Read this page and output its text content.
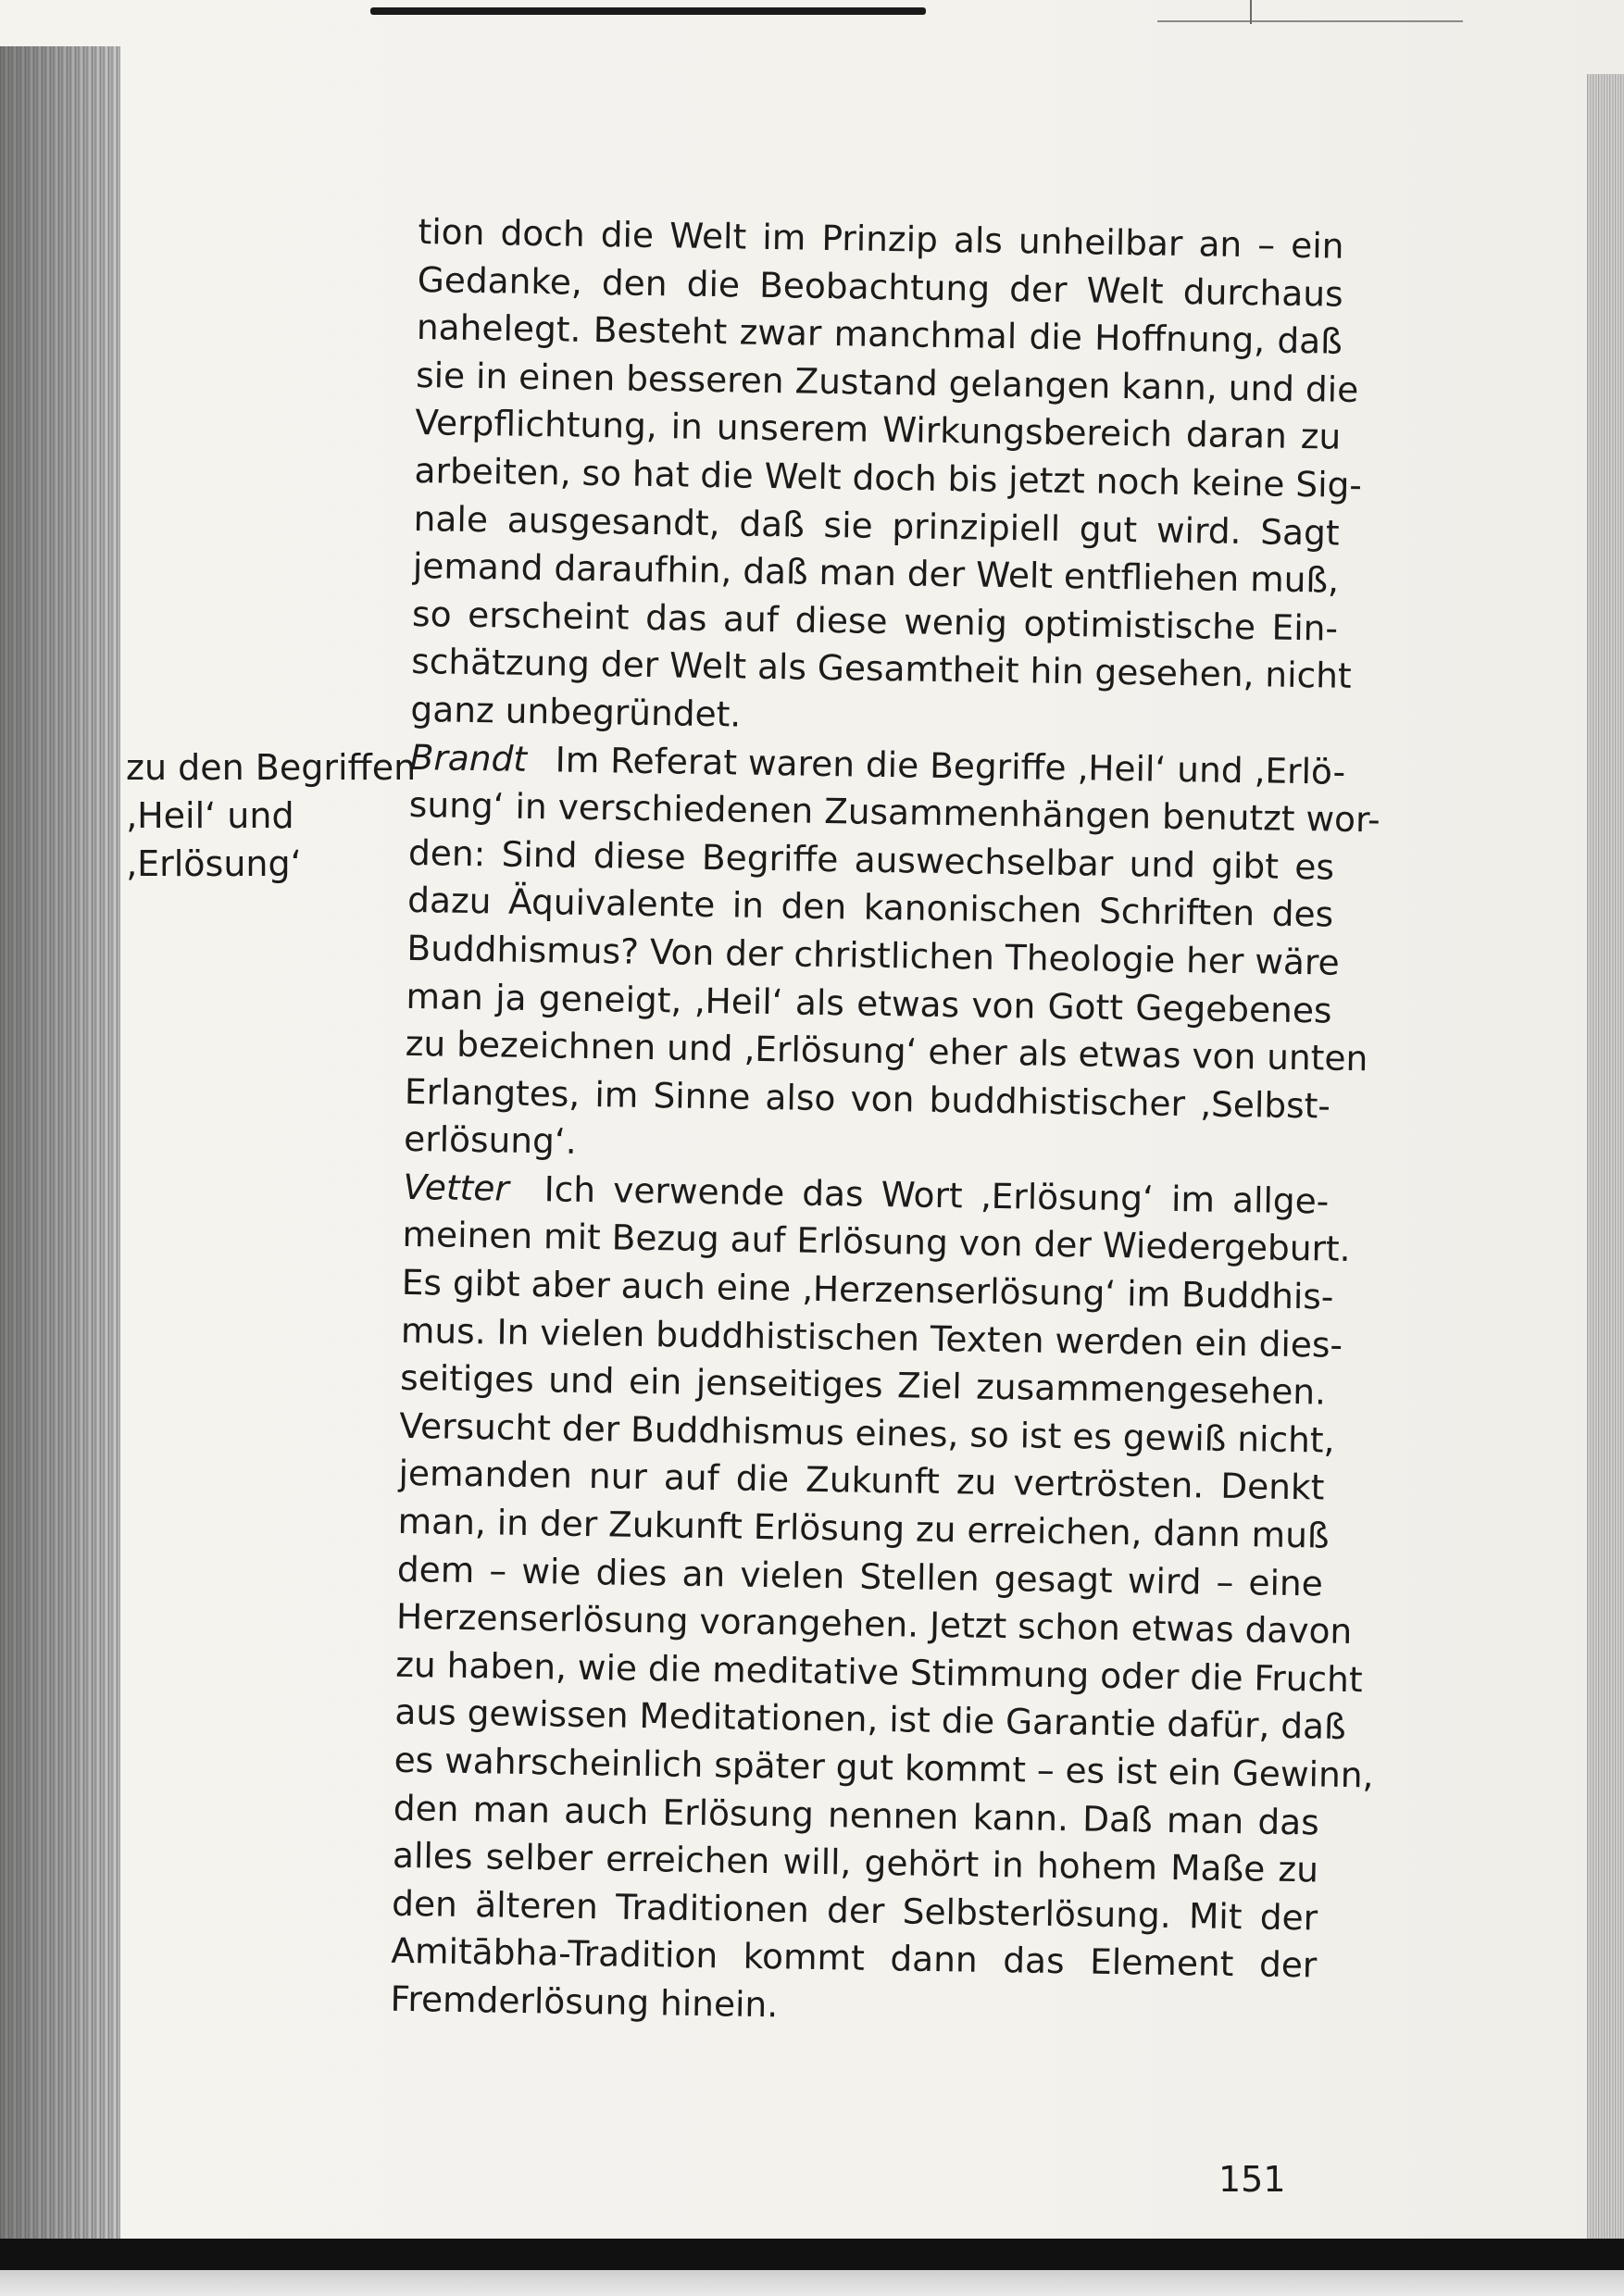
zu den Begriffen
‚Heil‘ und
‚Erlösung‘
tion doch die Welt im Prinzip als unheilbar an – ein
Gedanke, den die Beobachtung der Welt durchaus
nahelegt. Besteht zwar manchmal die Hoffnung, daß
sie in einen besseren Zustand gelangen kann, und die
Verpflichtung, in unserem Wirkungsbereich daran zu
arbeiten, so hat die Welt doch bis jetzt noch keine Sig-
nale ausgesandt, daß sie prinzipiell gut wird. Sagt
jemand daraufhin, daß man der Welt entfliehen muß,
so erscheint das auf diese wenig optimistische Ein-
schätzung der Welt als Gesamtheit hin gesehen, nicht
ganz unbegründet.
Brandt  Im Referat waren die Begriffe ‚Heil‘ und ‚Erlö-
sung‘ in verschiedenen Zusammenhängen benutzt wor-
den: Sind diese Begriffe auswechselbar und gibt es
dazu Äquivalente in den kanonischen Schriften des
Buddhismus? Von der christlichen Theologie her wäre
man ja geneigt, ‚Heil‘ als etwas von Gott Gegebenes
zu bezeichnen und ‚Erlösung‘ eher als etwas von unten
Erlangtes, im Sinne also von buddhistischer ‚Selbst-
erlösung‘.
Vetter  Ich verwende das Wort ‚Erlösung‘ im allge-
meinen mit Bezug auf Erlösung von der Wiedergeburt.
Es gibt aber auch eine ‚Herzenserlösung‘ im Buddhis-
mus. In vielen buddhistischen Texten werden ein dies-
seitiges und ein jenseitiges Ziel zusammengesehen.
Versucht der Buddhismus eines, so ist es gewiß nicht,
jemanden nur auf die Zukunft zu vertrösten. Denkt
man, in der Zukunft Erlösung zu erreichen, dann muß
dem – wie dies an vielen Stellen gesagt wird – eine
Herzenserlösung vorangehen. Jetzt schon etwas davon
zu haben, wie die meditative Stimmung oder die Frucht
aus gewissen Meditationen, ist die Garantie dafür, daß
es wahrscheinlich später gut kommt – es ist ein Gewinn,
den man auch Erlösung nennen kann. Daß man das
alles selber erreichen will, gehört in hohem Maße zu
den älteren Traditionen der Selbsterlösung. Mit der
Amitābha-Tradition kommt dann das Element der
Fremderlösung hinein.
151
